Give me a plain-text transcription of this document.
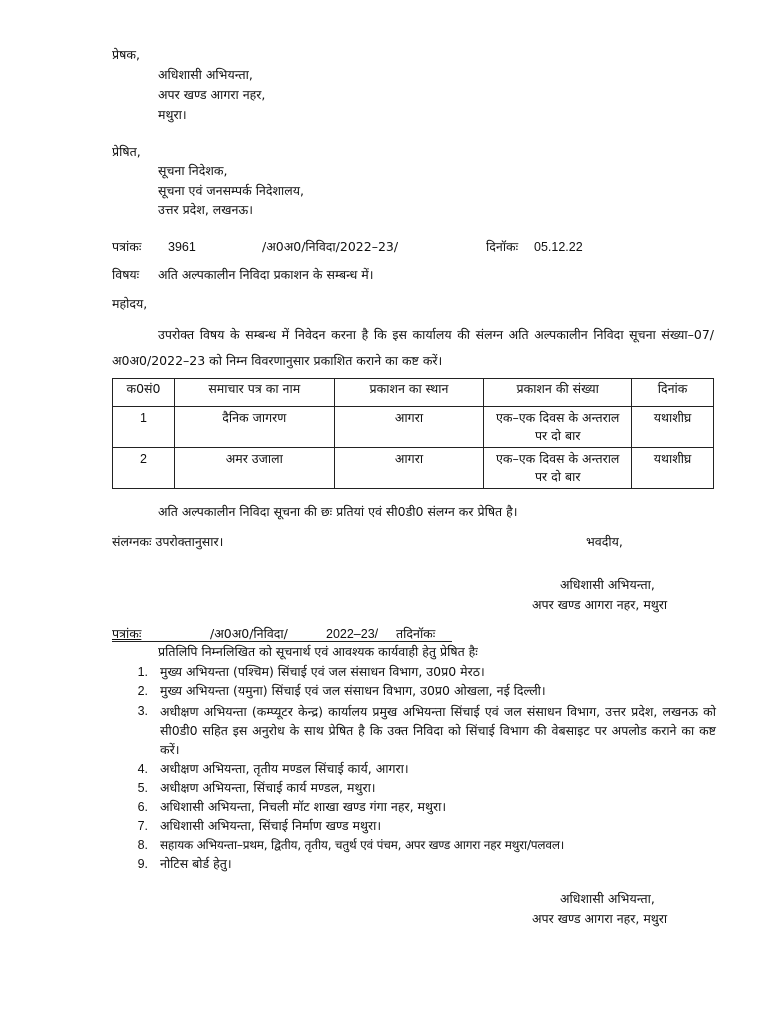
प्रेषक,
अधिशासी अभियन्ता,
अपर खण्ड आगरा नहर,
मथुरा।
प्रेषित,
सूचना निदेशक,
सूचना एवं जनसम्पर्क निदेशालय,
उत्तर प्रदेश, लखनऊ।
पत्रांकः 3961	/अ0अ0/निविदा/2022–23/	दिनॉकः 05.12.22
विषयः अति अल्पकालीन निविदा प्रकाशन के सम्बन्ध में।
महोदय,
उपरोक्त विषय के सम्बन्ध में निवेदन करना है कि इस कार्यालय की संलग्न अति अल्पकालीन निविदा सूचना संख्या–07/अ0अ0/2022–23 को निम्न विवरणानुसार प्रकाशित कराने का कष्ट करें।
क0सं0	समाचार पत्र का नाम	प्रकाशन का स्थान	प्रकाशन की संख्या	दिनांक
1	दैनिक जागरण	आगरा	एक–एक दिवस के अन्तराल पर दो बार	यथाशीघ्र
2	अमर उजाला	आगरा	एक–एक दिवस के अन्तराल पर दो बार	यथाशीघ्र
अति अल्पकालीन निविदा सूचना की छः प्रतियां एवं सी0डी0 संलग्न कर प्रेषित है।
संलग्नकः उपरोक्तानुसार।	भवदीय,
अधिशासी अभियन्ता,
अपर खण्ड आगरा नहर, मथुरा
पत्रांकः	/अ0अ0/निविदा/	2022–23/ तदिनॉकः
प्रतिलिपि निम्नलिखित को सूचनार्थ एवं आवश्यक कार्यवाही हेतु प्रेषित हैः
1. मुख्य अभियन्ता (पश्चिम) सिंचाई एवं जल संसाधन विभाग, उ0प्र0 मेरठ।
2. मुख्य अभियन्ता (यमुना) सिंचाई एवं जल संसाधन विभाग, उ0प्र0 ओखला, नई दिल्ली।
3. अधीक्षण अभियन्ता (कम्प्यूटर केन्द्र) कार्यालय प्रमुख अभियन्ता सिंचाई एवं जल संसाधन विभाग, उत्तर प्रदेश, लखनऊ को सी0डी0 सहित इस अनुरोध के साथ प्रेषित है कि उक्त निविदा को सिंचाई विभाग की वेबसाइट पर अपलोड कराने का कष्ट करें।
4. अधीक्षण अभियन्ता, तृतीय मण्डल सिंचाई कार्य, आगरा।
5. अधीक्षण अभियन्ता, सिंचाई कार्य मण्डल, मथुरा।
6. अधिशासी अभियन्ता, निचली मॉट शाखा खण्ड गंगा नहर, मथुरा।
7. अधिशासी अभियन्ता, सिंचाई निर्माण खण्ड मथुरा।
8. सहायक अभियन्ता–प्रथम, द्वितीय, तृतीय, चतुर्थ एवं पंचम, अपर खण्ड आगरा नहर मथुरा/पलवल।
9. नोटिस बोर्ड हेतु।
अधिशासी अभियन्ता,
अपर खण्ड आगरा नहर, मथुरा
